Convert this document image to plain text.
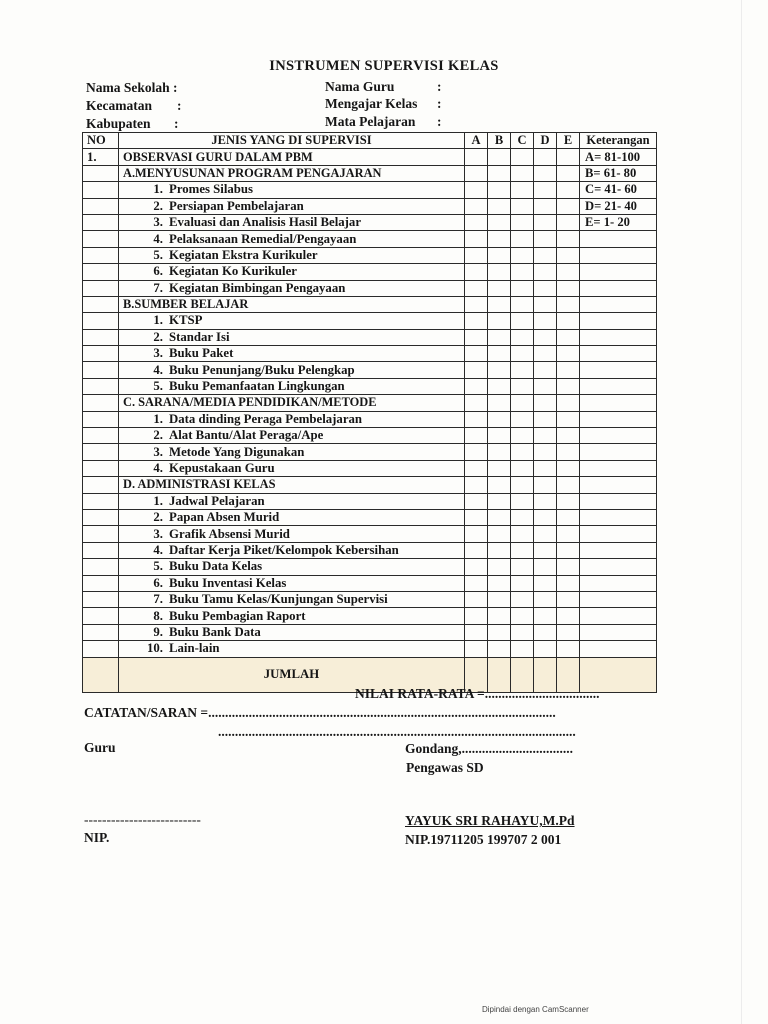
INSTRUMEN SUPERVISI KELAS
Nama Sekolah :
Kecamatan :
Kabupaten :
Nama Guru	:
Mengajar Kelas :
Mata Pelajaran :
NO	JENIS YANG DI SUPERVISI	A	B	C	D	E	Keterangan
1.	OBSERVASI GURU DALAM PBM						A= 81-100
	A.MENYUSUNAN PROGRAM PENGAJARAN						B= 61- 80
	1. Promes Silabus						C= 41- 60
	2. Persiapan Pembelajaran						D= 21- 40
	3. Evaluasi dan Analisis Hasil Belajar						E= 1- 20
	4. Pelaksanaan Remedial/Pengayaan						
	5. Kegiatan Ekstra Kurikuler						
	6. Kegiatan Ko Kurikuler						
	7. Kegiatan Bimbingan Pengayaan						
	B.SUMBER BELAJAR						
	1. KTSP						
	2. Standar Isi						
	3. Buku Paket						
	4. Buku Penunjang/Buku Pelengkap						
	5. Buku Pemanfaatan Lingkungan						
	C. SARANA/MEDIA PENDIDIKAN/METODE						
	1. Data dinding Peraga Pembelajaran						
	2. Alat Bantu/Alat Peraga/Ape						
	3. Metode Yang Digunakan						
	4. Kepustakaan Guru						
	D. ADMINISTRASI KELAS						
	1. Jadwal Pelajaran						
	2. Papan Absen Murid						
	3. Grafik Absensi Murid						
	4. Daftar Kerja Piket/Kelompok Kebersihan						
	5. Buku Data Kelas						
	6. Buku Inventasi Kelas						
	7. Buku Tamu Kelas/Kunjungan Supervisi						
	8. Buku Pembagian Raport						
	9. Buku Bank Data						
	10. Lain-lain						
	JUMLAH						
NILAI RATA-RATA =..................................
CATATAN/SARAN =.......................................................................................................
..........................................................................................................
Guru	Gondang,.................................
Pengawas SD
--------------------------
NIP.
YAYUK SRI RAHAYU,M.Pd
NIP.19711205 199707 2 001
Dipindai dengan CamScanner
